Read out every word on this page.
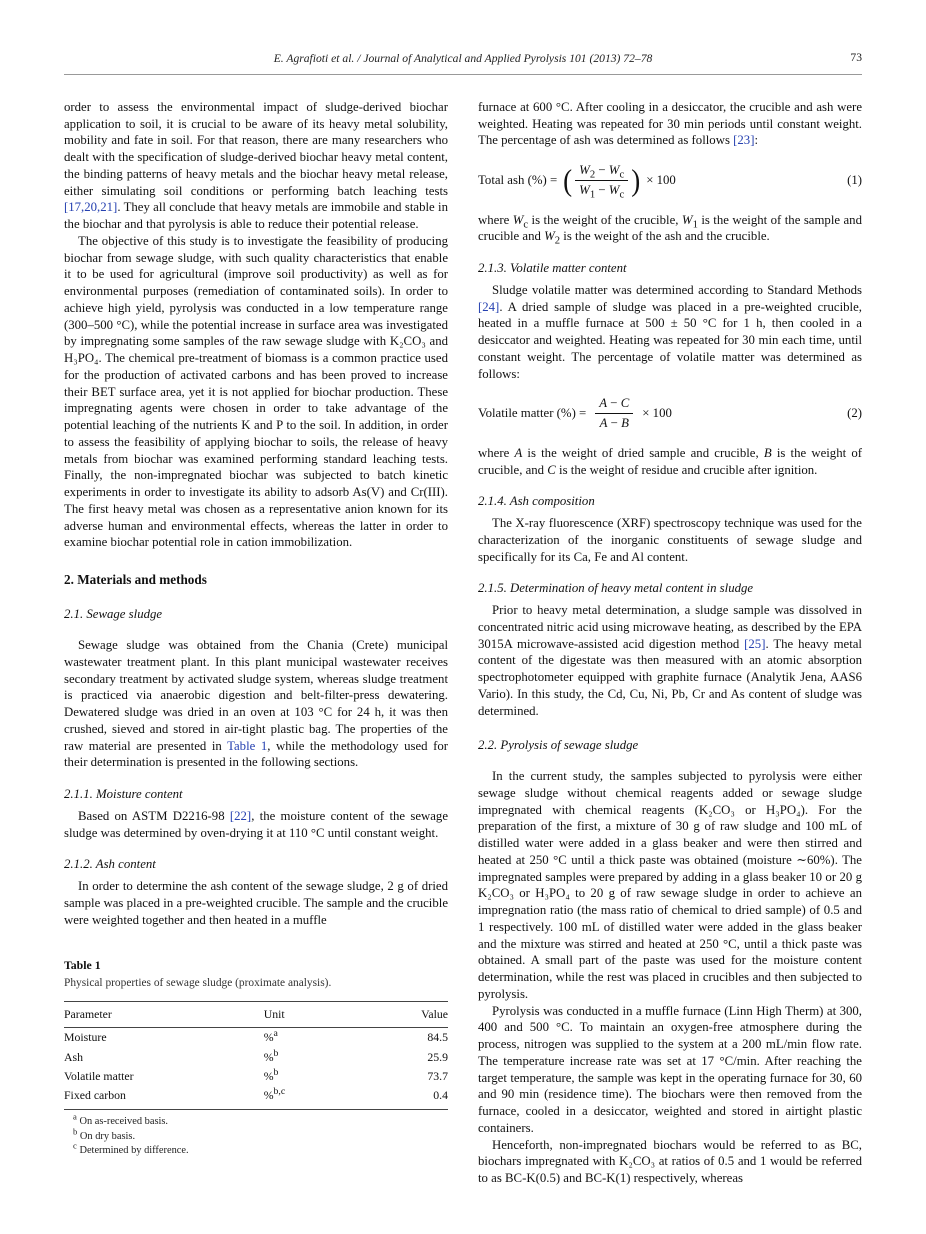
E. Agrafioti et al. / Journal of Analytical and Applied Pyrolysis 101 (2013) 72–78	73

order to assess the environmental impact of sludge-derived biochar application to soil, it is crucial to be aware of its heavy metal solubility, mobility and fate in soil. For that reason, there are many researchers who dealt with the specification of sludge-derived biochar heavy metal content, the binding patterns of heavy metals and the biochar heavy metal release, either simulating soil conditions or performing batch leaching tests [17,20,21]. They all conclude that heavy metals are immobile and stable in the biochar and that pyrolysis is able to reduce their potential release.

The objective of this study is to investigate the feasibility of producing biochar from sewage sludge, with such quality characteristics that enable it to be used for agricultural (improve soil productivity) as well as for environmental purposes (remediation of contaminated soils). In order to achieve high yield, pyrolysis was conducted in a low temperature range (300–500 °C), while the potential increase in surface area was investigated by impregnating some samples of the raw sewage sludge with K₂CO₃ and H₃PO₄. The chemical pre-treatment of biomass is a common practice used for the production of activated carbons and has been proved to increase their BET surface area, yet it is not applied for biochar production. These impregnating agents were chosen in order to take advantage of the potential leaching of the nutrients K and P to the soil. In addition, in order to assess the feasibility of applying biochar to soils, the release of heavy metals from biochar was examined performing standard leaching tests. Finally, the non-impregnated biochar was subjected to batch kinetic experiments in order to investigate its ability to adsorb As(V) and Cr(III). The first heavy metal was chosen as a representative anion known for its adverse human and environmental effects, whereas the latter in order to examine biochar potential role in cation immobilization.

2. Materials and methods
2.1. Sewage sludge

Sewage sludge was obtained from the Chania (Crete) municipal wastewater treatment plant. In this plant municipal wastewater receives secondary treatment by activated sludge system, whereas sludge treatment is practiced via anaerobic digestion and belt-filter-press dewatering. Dewatered sludge was dried in an oven at 103 °C for 24 h, it was then crushed, sieved and stored in air-tight plastic bag. The properties of the raw material are presented in Table 1, while the methodology used for their determination is presented in the following sections.

2.1.1. Moisture content

Based on ASTM D2216-98 [22], the moisture content of the sewage sludge was determined by oven-drying it at 110 °C until constant weight.

2.1.2. Ash content

In order to determine the ash content of the sewage sludge, 2 g of dried sample was placed in a pre-weighted crucible. The sample and the crucible were weighted together and then heated in a muffle

Table 1
Physical properties of sewage sludge (proximate analysis).
Parameter	Unit	Value
Moisture	%$^a$	84.5
Ash	%$^b$	25.9
Volatile matter	%$^b$	73.7
Fixed carbon	%$^{b,c}$	0.4
$^a$ On as-received basis.
$^b$ On dry basis.
$^c$ Determined by difference.

furnace at 600 °C. After cooling in a desiccator, the crucible and ash were weighted. Heating was repeated for 30 min periods until constant weight. The percentage of ash was determined as follows [23]:

Total ash (%) = ( $\frac{W_2 - W_c}{W_1 - W_c}$ ) × 100	(1)

where $W_c$ is the weight of the crucible, $W_1$ is the weight of the sample and crucible and $W_2$ is the weight of the ash and the crucible.

2.1.3. Volatile matter content

Sludge volatile matter was determined according to Standard Methods [24]. A dried sample of sludge was placed in a pre-weighted crucible, heated in a muffle furnace at 500 ± 50 °C for 1 h, then cooled in a desiccator and weighted. Heating was repeated for 30 min each time, until constant weight. The percentage of volatile matter was determined as follows:

Volatile matter (%) = $\frac{A - C}{A - B} \times 100$	(2)

where A is the weight of dried sample and crucible, B is the weight of crucible, and C is the weight of residue and crucible after ignition.

2.1.4. Ash composition

The X-ray fluorescence (XRF) spectroscopy technique was used for the characterization of the inorganic constituents of sewage sludge and specifically for its Ca, Fe and Al content.

2.1.5. Determination of heavy metal content in sludge

Prior to heavy metal determination, a sludge sample was dissolved in concentrated nitric acid using microwave heating, as described by the EPA 3015A microwave-assisted acid digestion method [25]. The heavy metal content of the digestate was then measured with an atomic absorption spectrophotometer equipped with graphite furnace (Analytik Jena, AAS6 Vario). In this study, the Cd, Cu, Ni, Pb, Cr and As content of sludge was determined.

2.2. Pyrolysis of sewage sludge

In the current study, the samples subjected to pyrolysis were either sewage sludge without chemical reagents added or sewage sludge impregnated with chemical reagents (K₂CO₃ or H₃PO₄). For the preparation of the first, a mixture of 30 g of raw sludge and 100 mL of distilled water were added in a glass beaker and were then stirred and heated at 250 °C until a thick paste was obtained (moisture ∼60%). The impregnated samples were prepared by adding in a glass beaker 10 or 20 g K₂CO₃ or H₃PO₄ to 20 g of raw sewage sludge in order to achieve an impregnation ratio (the mass ratio of chemical to dried sample) of 0.5 and 1 respectively. 100 mL of distilled water were added in the glass beaker and the mixture was stirred and heated at 250 °C, until a thick paste was obtained. A small part of the paste was used for the moisture content determination, while the rest was placed in crucibles and then subjected to pyrolysis.

Pyrolysis was conducted in a muffle furnace (Linn High Therm) at 300, 400 and 500 °C. To maintain an oxygen-free atmosphere during the process, nitrogen was supplied to the system at a 200 mL/min flow rate. The temperature increase rate was set at 17 °C/min. After reaching the target temperature, the sample was kept in the operating furnace for 30, 60 and 90 min (residence time). The biochars were then removed from the furnace, cooled in a desiccator, weighted and stored in airtight plastic containers.

Henceforth, non-impregnated biochars would be referred to as BC, biochars impregnated with K₂CO₃ at ratios of 0.5 and 1 would be referred to as BC-K(0.5) and BC-K(1) respectively, whereas
